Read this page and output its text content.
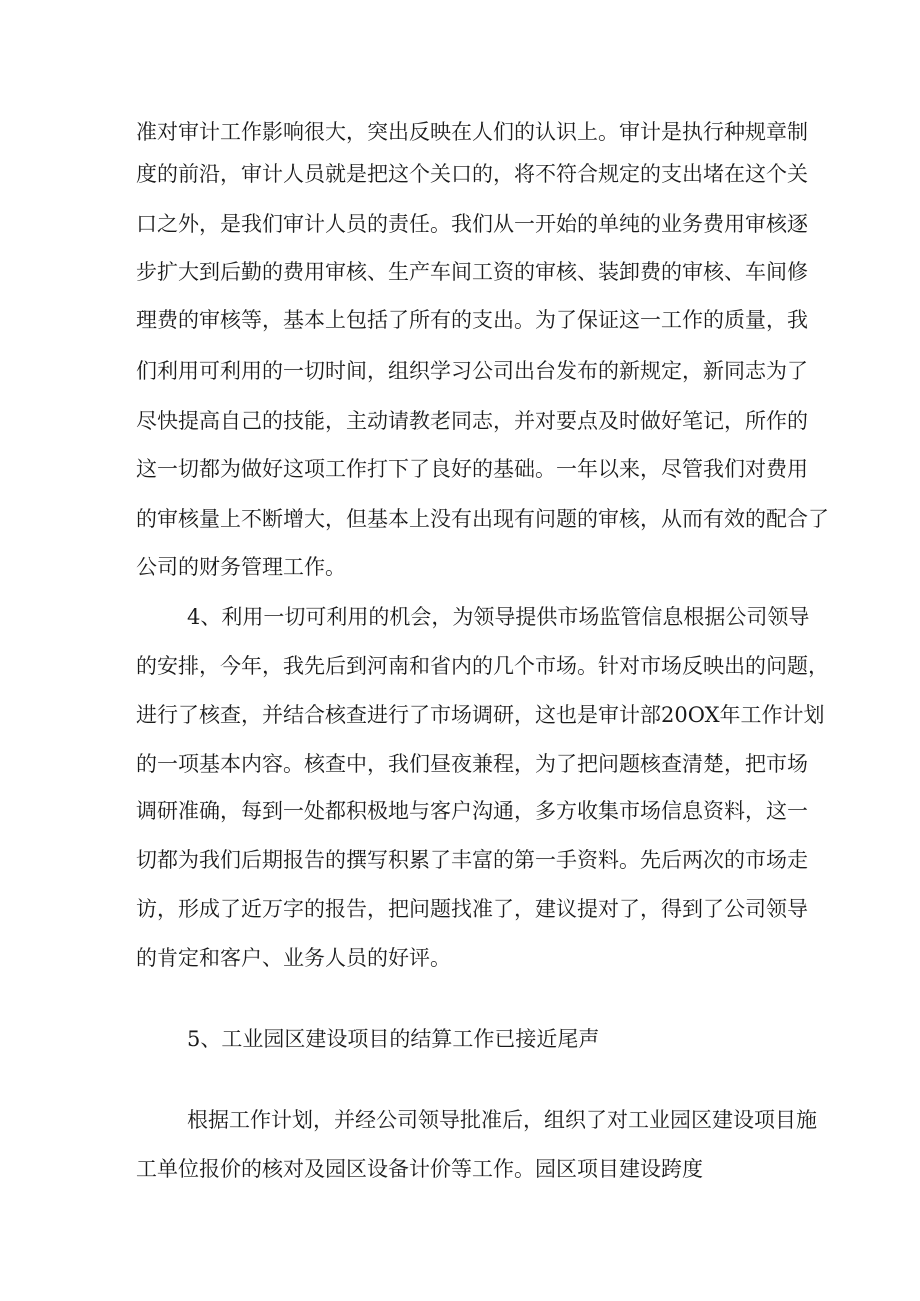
准对审计工作影响很大，突出反映在人们的认识上。审计是执行种规章制

度的前沿，审计人员就是把这个关口的，将不符合规定的支出堵在这个关

口之外，是我们审计人员的责任。我们从一开始的单纯的业务费用审核逐

步扩大到后勤的费用审核、生产车间工资的审核、装卸费的审核、车间修

理费的审核等，基本上包括了所有的支出。为了保证这一工作的质量，我

们利用可利用的一切时间，组织学习公司出台发布的新规定，新同志为了

尽快提高自己的技能，主动请教老同志，并对要点及时做好笔记，所作的

这一切都为做好这项工作打下了良好的基础。一年以来，尽管我们对费用

的审核量上不断增大，但基本上没有出现有问题的审核，从而有效的配合了

公司的财务管理工作。

4、利用一切可利用的机会，为领导提供市场监管信息根据公司领导

的安排，今年，我先后到河南和省内的几个市场。针对市场反映出的问题，

进行了核查，并结合核查进行了市场调研，这也是审计部20OX年工作计划

的一项基本内容。核查中，我们昼夜兼程，为了把问题核查清楚，把市场

调研准确，每到一处都积极地与客户沟通，多方收集市场信息资料，这一

切都为我们后期报告的撰写积累了丰富的第一手资料。先后两次的市场走

访，形成了近万字的报告，把问题找准了，建议提对了，得到了公司领导

的肯定和客户、业务人员的好评。

5、工业园区建设项目的结算工作已接近尾声

根据工作计划，并经公司领导批准后，组织了对工业园区建设项目施

工单位报价的核对及园区设备计价等工作。园区项目建设跨度
